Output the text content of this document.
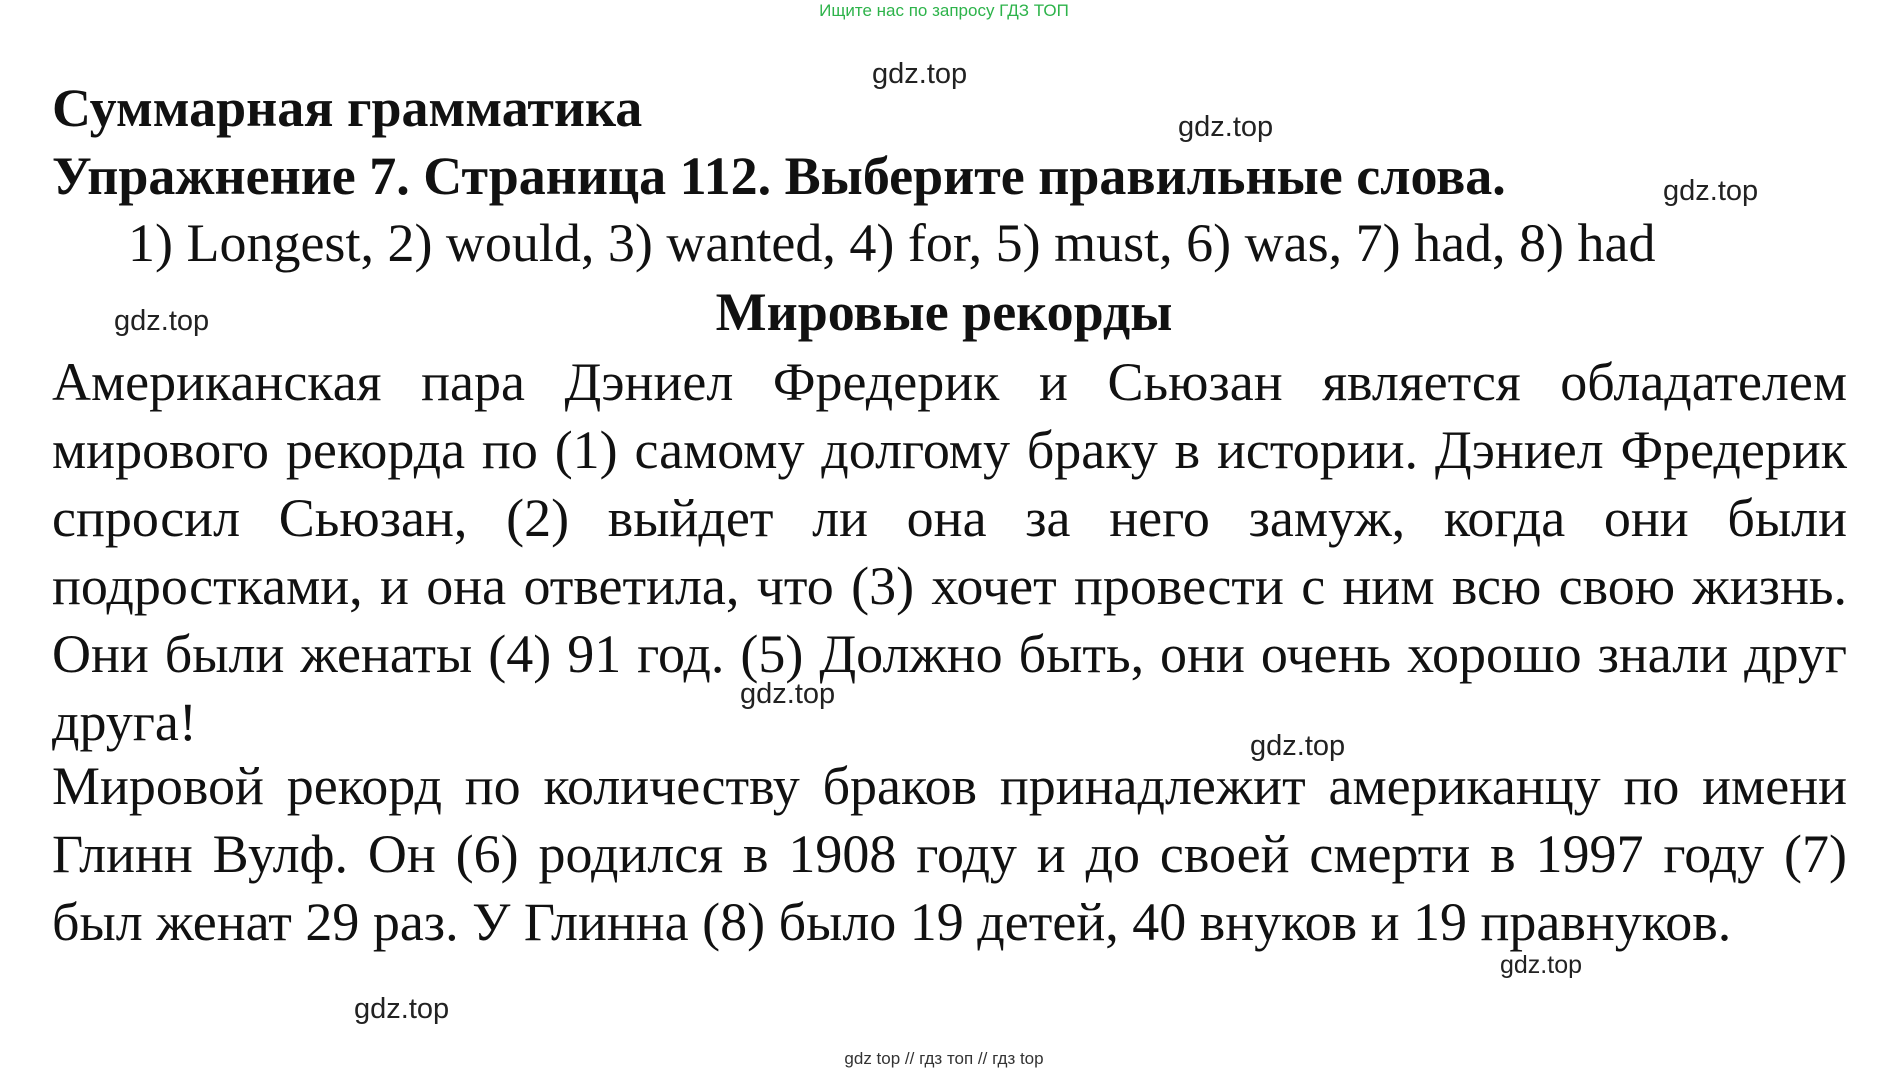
Ищите нас по запросу ГДЗ ТОП
Суммарная грамматика
Упражнение 7. Страница 112. Выберите правильные слова.
1) Longest, 2) would, 3) wanted, 4) for, 5) must, 6) was, 7) had, 8) had
Мировые рекорды

Американская пара Дэниел Фредерик и Сьюзан является обладателем мирового рекорда по (1) самому долгому браку в истории. Дэниел Фредерик спросил Сьюзан, (2) выйдет ли она за него замуж, когда они были подростками, и она ответила, что (3) хочет провести с ним всю свою жизнь. Они были женаты (4) 91 год. (5) Должно быть, они очень хорошо знали друг друга!

Мировой рекорд по количеству браков принадлежит американцу по имени Глинн Вулф. Он (6) родился в 1908 году и до своей смерти в 1997 году (7) был женат 29 раз. У Глинна (8) было 19 детей, 40 внуков и 19 правнуков.

gdz.top
gdz.top
gdz.top
gdz.top
gdz.top
gdz.top
gdz.top
gdz.top
gdz top // гдз топ // гдз top
